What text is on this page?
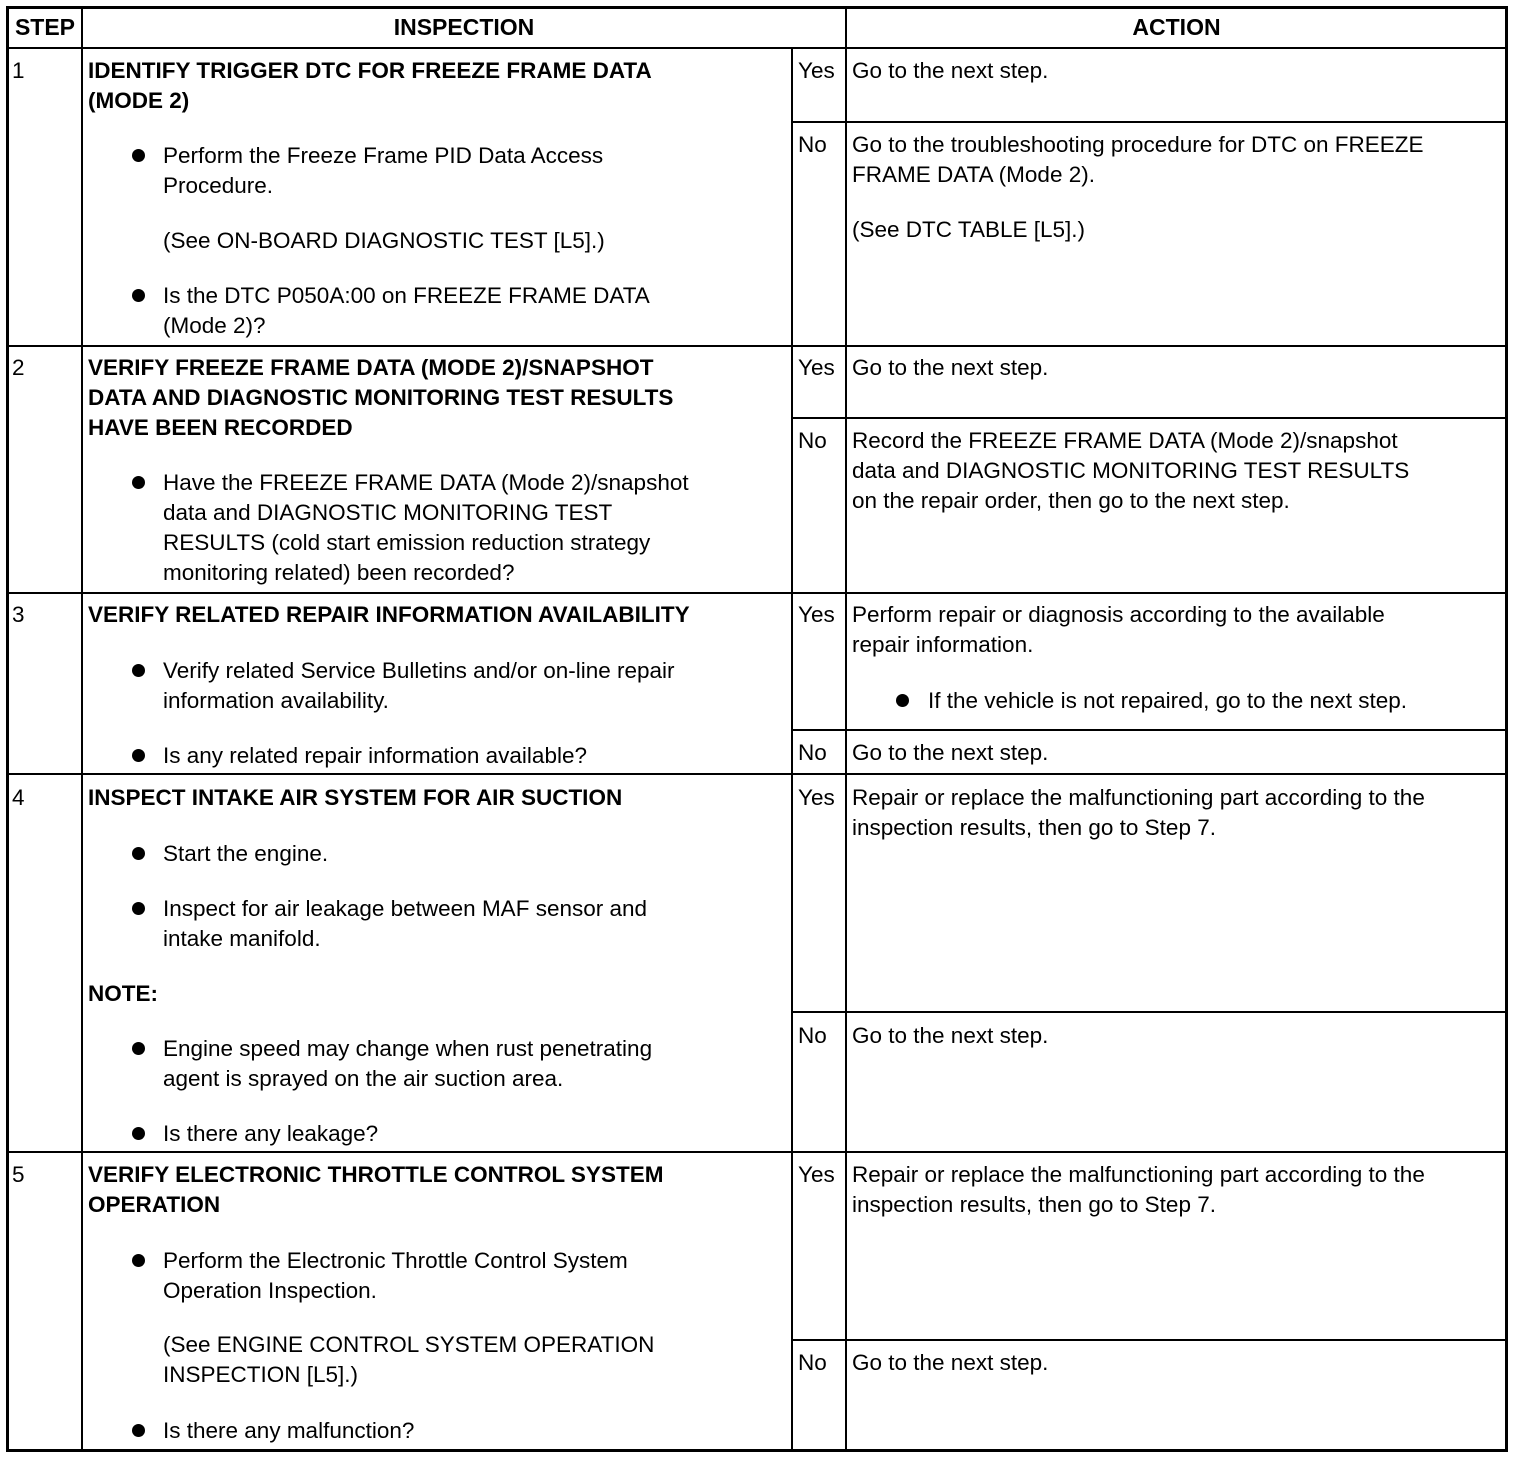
STEP	INSPECTION	ACTION
1	IDENTIFY TRIGGER DTC FOR FREEZE FRAME DATA
(MODE 2)
Perform the Freeze Frame PID Data Access
Procedure.
(See ON-BOARD DIAGNOSTIC TEST [L5].)
Is the DTC P050A:00 on FREEZE FRAME DATA
(Mode 2)?
Yes Go to the next step.
No Go to the troubleshooting procedure for DTC on FREEZE
FRAME DATA (Mode 2).
(See DTC TABLE [L5].)
2	VERIFY FREEZE FRAME DATA (MODE 2)/SNAPSHOT
DATA AND DIAGNOSTIC MONITORING TEST RESULTS
HAVE BEEN RECORDED
Have the FREEZE FRAME DATA (Mode 2)/snapshot
data and DIAGNOSTIC MONITORING TEST
RESULTS (cold start emission reduction strategy
monitoring related) been recorded?
Yes Go to the next step.
No Record the FREEZE FRAME DATA (Mode 2)/snapshot
data and DIAGNOSTIC MONITORING TEST RESULTS
on the repair order, then go to the next step.
3	VERIFY RELATED REPAIR INFORMATION AVAILABILITY
Verify related Service Bulletins and/or on-line repair
information availability.
Is any related repair information available?
Yes Perform repair or diagnosis according to the available
repair information.
If the vehicle is not repaired, go to the next step.
No Go to the next step.
4	INSPECT INTAKE AIR SYSTEM FOR AIR SUCTION
Start the engine.
Inspect for air leakage between MAF sensor and
intake manifold.
NOTE:
Engine speed may change when rust penetrating
agent is sprayed on the air suction area.
Is there any leakage?
Yes Repair or replace the malfunctioning part according to the
inspection results, then go to Step 7.
No Go to the next step.
5	VERIFY ELECTRONIC THROTTLE CONTROL SYSTEM
OPERATION
Perform the Electronic Throttle Control System
Operation Inspection.
(See ENGINE CONTROL SYSTEM OPERATION
INSPECTION [L5].)
Is there any malfunction?
Yes Repair or replace the malfunctioning part according to the
inspection results, then go to Step 7.
No Go to the next step.
